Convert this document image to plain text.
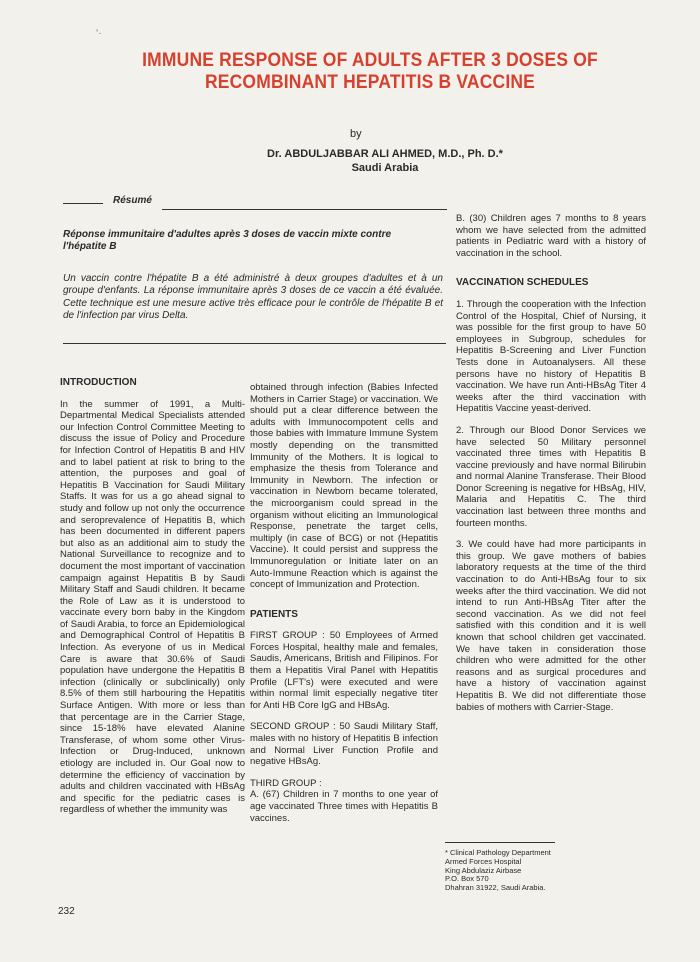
‘·
IMMUNE RESPONSE OF ADULTS AFTER 3 DOSES OF
RECOMBINANT HEPATITIS B VACCINE
by
Dr. ABDULJABBAR ALI AHMED, M.D., Ph. D.*
Saudi Arabia
Résumé
Réponse immunitaire d'adultes après 3 doses de vaccin mixte contre l'hépatite B
Un vaccin contre l'hépatite B a été administré à deux groupes d'adultes et à un groupe d'enfants. La réponse immunitaire après 3 doses de ce vaccin a été évaluée. Cette technique est une mesure active très efficace pour le contrôle de l'hépatite B et de l'infection par virus Delta.

INTRODUCTION

In the summer of 1991, a Multi-Departmental Medical Specialists attended our Infection Control Committee Meeting to discuss the issue of Policy and Procedure for Infection Control of Hepatitis B and HIV and to label patient at risk to bring to the attention, the purposes and goal of Hepatitis B Vaccination for Saudi Military Staffs. It was for us a go ahead signal to study and follow up not only the occurrence and seroprevalence of Hepatitis B, which has been documented in different papers but also as an additional aim to study the National Surveillance to recognize and to document the most important of vaccination campaign against Hepatitis B by Saudi Military Staff and Saudi children. It became the Role of Law as it is understood to vaccinate every born baby in the Kingdom of Saudi Arabia, to force an Epidemiological and Demographical Control of Hepatitis B Infection. As everyone of us in Medical Care is aware that 30.6% of Saudi population have undergone the Hepatitis B infection (clinically or subclinically) only 8.5% of them still harbouring the Hepatitis Surface Antigen. With more or less than that percentage are in the Carrier Stage, since 15-18% have elevated Alanine Transferase, of whom some other Virus-Infection or Drug-Induced, unknown etiology are included in. Our Goal now to determine the efficiency of vaccination by adults and children vaccinated with HBsAg and specific for the pediatric cases is regardless of whether the immunity was

obtained through infection (Babies Infected Mothers in Carrier Stage) or vaccination. We should put a clear difference between the adults with Immunocompotent cells and those babies with Immature Immune System mostly depending on the transmitted Immunity of the Mothers. It is logical to emphasize the thesis from Tolerance and Immunity in Newborn. The infection or vaccination in Newborn became tolerated, the microorganism could spread in the organism without eliciting an Immunological Response, penetrate the target cells, multiply (in case of BCG) or not (Hepatitis Vaccine). It could persist and suppress the Immunoregulation or Initiate later on an Auto-Immune Reaction which is against the concept of Immunization and Protection.

PATIENTS

FIRST GROUP : 50 Employees of Armed Forces Hospital, healthy male and females, Saudis, Americans, British and Filipinos. For them a Hepatitis Viral Panel with Hepatitis Profile (LFT's) were executed and were within normal limit especially negative titer for Anti HB Core IgG and HBsAg.

SECOND GROUP : 50 Saudi Military Staff, males with no history of Hepatitis B infection and Normal Liver Function Profile and negative HBsAg.

THIRD GROUP :

A. (67) Children in 7 months to one year of age vaccinated Three times with Hepatitis B vaccines.

B. (30) Children ages 7 months to 8 years whom we have selected from the admitted patients in Pediatric ward with a history of vaccination in the school.

VACCINATION SCHEDULES

1. Through the cooperation with the Infection Control of the Hospital, Chief of Nursing, it was possible for the first group to have 50 employees in Subgroup, schedules for Hepatitis B-Screening and Liver Function Tests done in Autoanalysers. All these persons have no history of Hepatitis B vaccination. We have run Anti-HBsAg Titer 4 weeks after the third vaccination with Hepatitis Vaccine yeast-derived.

2. Through our Blood Donor Services we have selected 50 Military personnel vaccinated three times with Hepatitis B vaccine previously and have normal Bilirubin and normal Alanine Transferase. Their Blood Donor Screening is negative for HBsAg, HIV, Malaria and Hepatitis C. The third vaccination last between three months and fourteen months.

3. We could have had more participants in this group. We gave mothers of babies laboratory requests at the time of the third vaccination to do Anti-HBsAg four to six weeks after the third vaccination. We did not intend to run Anti-HBsAg Titer after the second vaccination. As we did not feel satisfied with this condition and it is well known that school children get vaccinated. We have taken in consideration those children who were admitted for the other reasons and as surgical procedures and have a history of vaccination against Hepatitis B. We did not differentiate those babies of mothers with Carrier-Stage.

* Clinical Pathology Department
Armed Forces Hospital
King Abdulaziz Airbase
P.O. Box 570
Dhahran 31922, Saudi Arabia.
232
